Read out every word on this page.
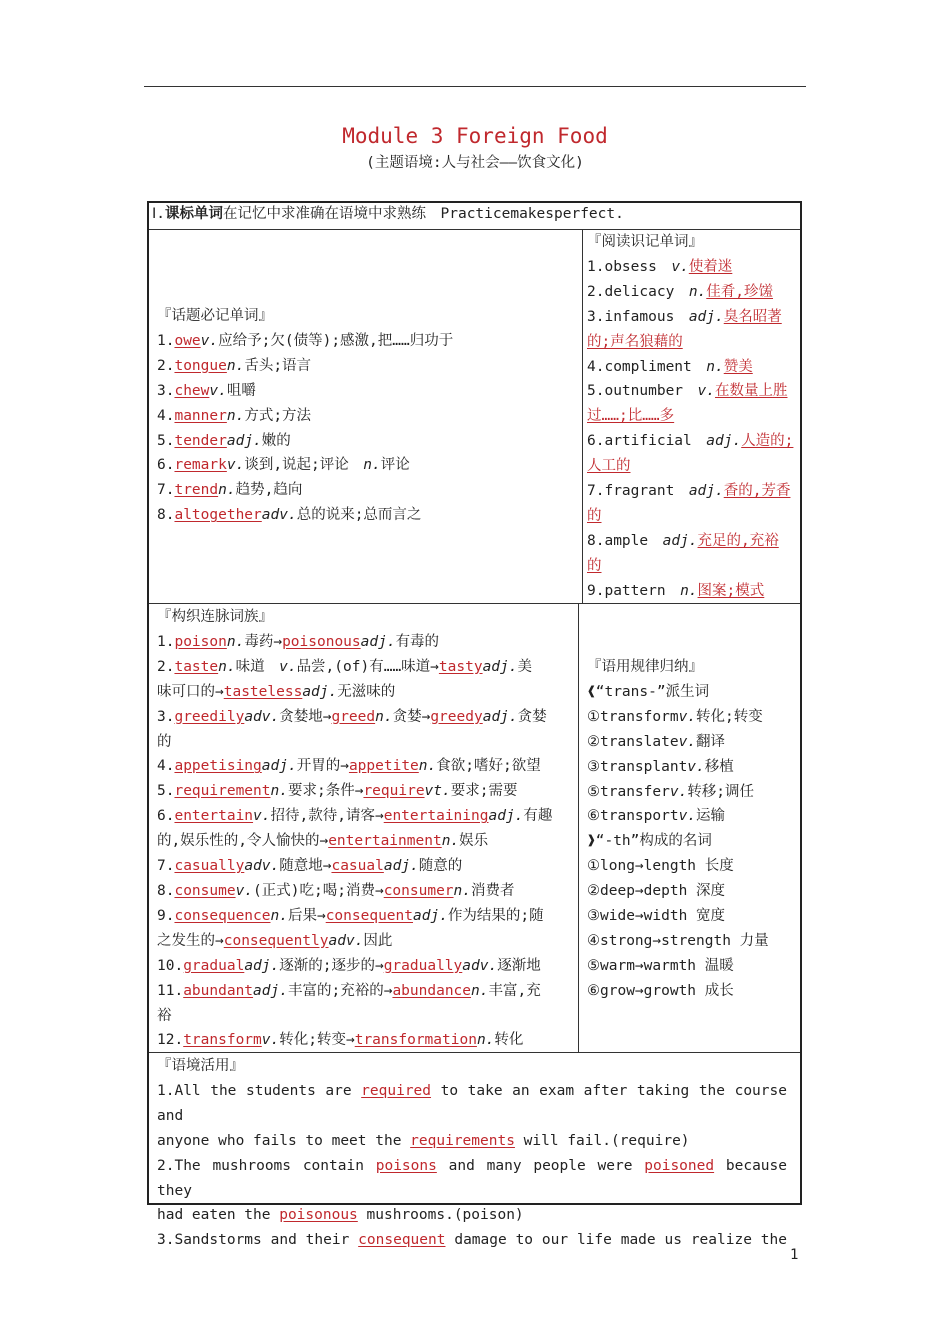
Module 3 Foreign Food
(主题语境:人与社会——饮食文化)

Ⅰ.课标单词在记忆中求准确在语境中求熟练　Practicemakesperfect.

『话题必记单词』

1.owev.应给予;欠(债等);感激,把……归功于

2.tonguen.舌头;语言

3.chewv.咀嚼

4.mannern.方式;方法

5.tenderadj.嫩的

6.remarkv.谈到,说起;评论　n.评论

7.trendn.趋势,趋向

8.altogetheradv.总的说来;总而言之

『阅读识记单词』

1.obsess　v.使着迷

2.delicacy　n.佳肴,珍馐

3.infamous　adj.臭名昭著

的;声名狼藉的

4.compliment　n.赞美

5.outnumber　v.在数量上胜

过……;比……多

6.artificial　adj.人造的;

人工的

7.fragrant　adj.香的,芳香

的

8.ample　adj.充足的,充裕

的

9.pattern　n.图案;模式

『构织连脉词族』

1.poisonn.毒药→poisonousadj.有毒的

2.tasten.味道　v.品尝,(of)有……味道→tastyadj.美

味可口的→tastelessadj.无滋味的

3.greedilyadv.贪婪地→greedn.贪婪→greedyadj.贪婪

的

4.appetisingadj.开胃的→appetiten.食欲;嗜好;欲望

5.requirementn.要求;条件→requirevt.要求;需要

6.entertainv.招待,款待,请客→entertainingadj.有趣

的,娱乐性的,令人愉快的→entertainmentn.娱乐

7.casuallyadv.随意地→casualadj.随意的

8.consumev.(正式)吃;喝;消费→consumern.消费者

9.consequencen.后果→consequentadj.作为结果的;随

之发生的→consequentlyadv.因此

10.gradualadj.逐渐的;逐步的→graduallyadv.逐渐地

11.abundantadj.丰富的;充裕的→abundancen.丰富,充

裕

12.transformv.转化;转变→transformationn.转化

『语用规律归纳』

❰“trans-”派生词

①transformv.转化;转变

②translatev.翻译

③transplantv.移植

⑤transferv.转移;调任

⑥transportv.运输

❱“-th”构成的名词

①long→length 长度

②deep→depth 深度

③wide→width 宽度

④strong→strength 力量

⑤warm→warmth 温暖

⑥grow→growth 成长

『语境活用』

1.All the students are required to take an exam after taking the course and

anyone who fails to meet the requirements will fail.(require)

2.The mushrooms contain poisons and many people were poisoned because they

had eaten the poisonous mushrooms.(poison)

3.Sandstorms and their consequent damage to our life made us realize the

1
